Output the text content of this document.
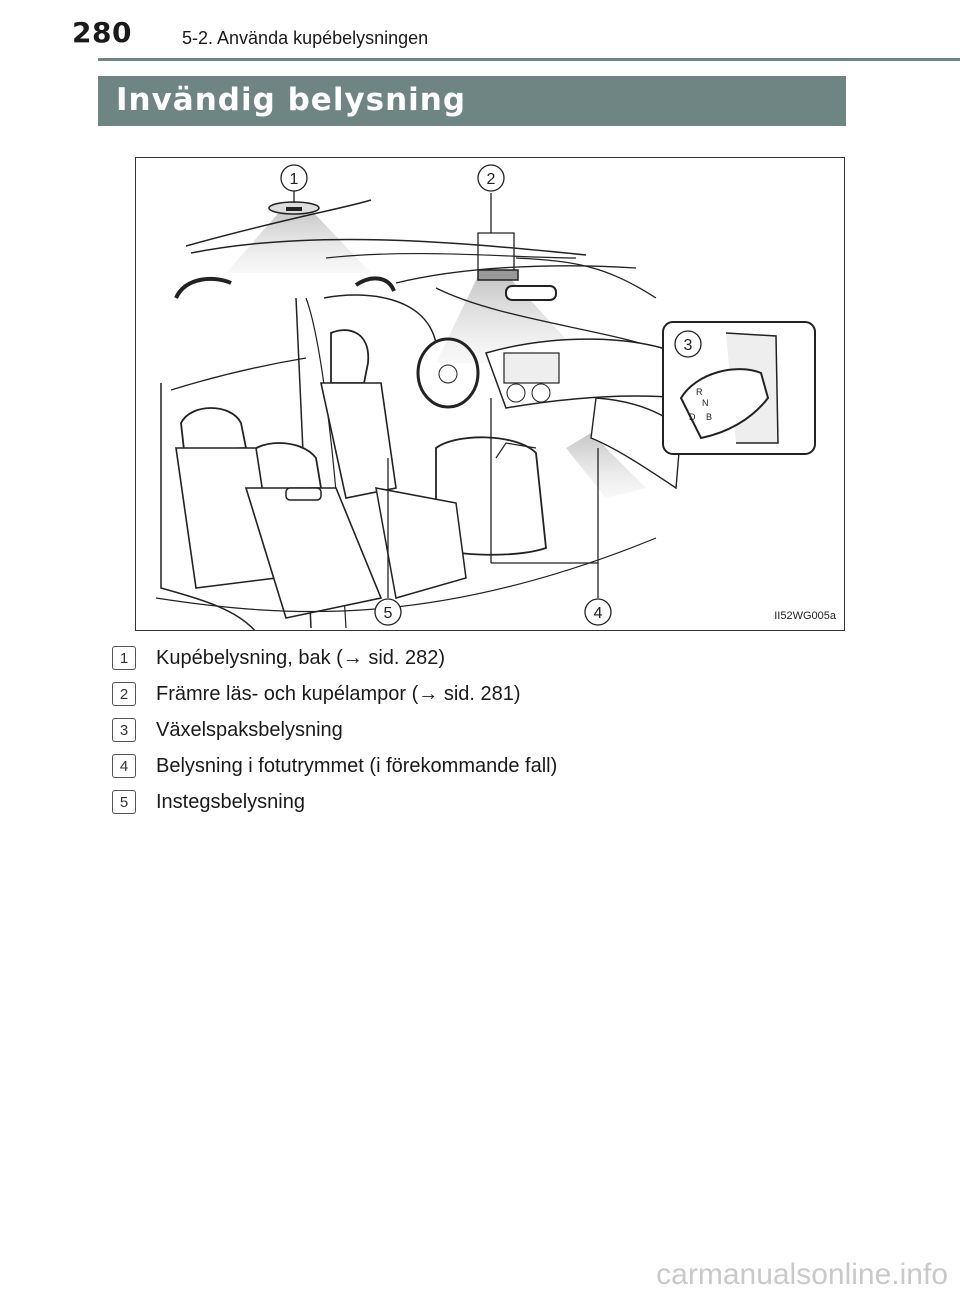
280	5-2. Använda kupébelysningen
Invändig belysning
R
N
D B
1	2
3
4
5	II52WG005a
1	Kupébelysning, bak (→ sid. 282)
2	Främre läs- och kupélampor (→ sid. 281)
3	Växelspaksbelysning
4	Belysning i fotutrymmet (i förekommande fall)
5	Instegsbelysning
carmanualsonline.info
